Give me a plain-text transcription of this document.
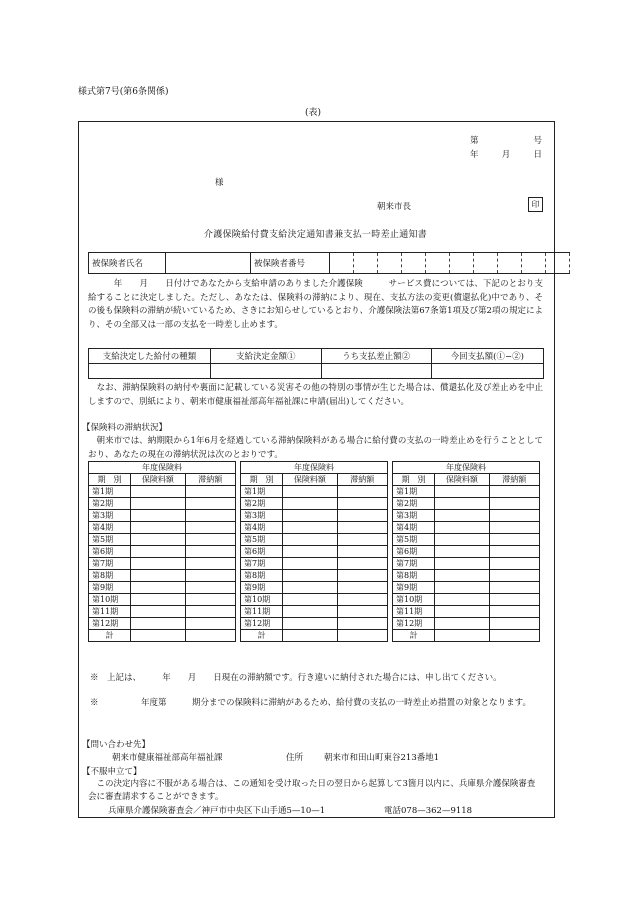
様式第7号(第6条関係)
(表)
第	号
年	月	日
様
朝来市長	印
介護保険給付費支給決定通知書兼支払一時差止通知書
被保険者氏名		被保険者番号										
　　　年　　月　　日付けであなたから支給申請のありました介護保険　　　サービス費については、下記のとおり支給することに決定しました。ただし、あなたは、保険料の滞納により、現在、支払方法の変更(償還払化)中であり、その後も保険料の滞納が続いているため、さきにお知らせしているとおり、介護保険法第67条第1項及び第2項の規定により、その全部又は一部の支払を一時差し止めます。
支給決定した給付の種類	支給決定金額①	うち支払差止額②	今回支払額(①−②)

　なお、滞納保険料の納付や裏面に記載している災害その他の特別の事情が生じた場合は、償還払化及び差止めを中止しますので、別紙により、朝来市健康福祉部高年福祉課に申請(届出)してください。
【保険料の滞納状況】
　朝来市では、納期限から1年6月を経過している滞納保険料がある場合に給付費の支払の一時差止めを行うこととしており、あなたの現在の滞納状況は次のとおりです。
年度保険料		
期　別	保険料額	滞納額
第1期		
第2期		
第3期		
第4期		
第5期		
第6期		
第7期		
第8期		
第9期		
第10期		
第11期		
第12期		
計		
年度保険料		
期　別	保険料額	滞納額
第1期		
第2期		
第3期		
第4期		
第5期		
第6期		
第7期		
第8期		
第9期		
第10期		
第11期		
第12期		
計		
年度保険料		
期　別	保険料額	滞納額
第1期		
第2期		
第3期		
第4期		
第5期		
第6期		
第7期		
第8期		
第9期		
第10期		
第11期		
第12期		
計		
※　上記は、　　　年　　月　　日現在の滞納額です。行き違いに納付された場合には、申し出てください。
※　　　　　年度第　　　期分までの保険料に滞納があるため、給付費の支払の一時差止め措置の対象となります。
【問い合わせ先】
朝来市健康福祉部高年福祉課	住所 朝来市和田山町東谷213番地1
【不服申立て】
　この決定内容に不服がある場合は、この通知を受け取った日の翌日から起算して3箇月以内に、兵庫県介護保険審査会に審査請求することができます。
兵庫県介護保険審査会／神戸市中央区下山手通5—10—1	電話078—362—9118
